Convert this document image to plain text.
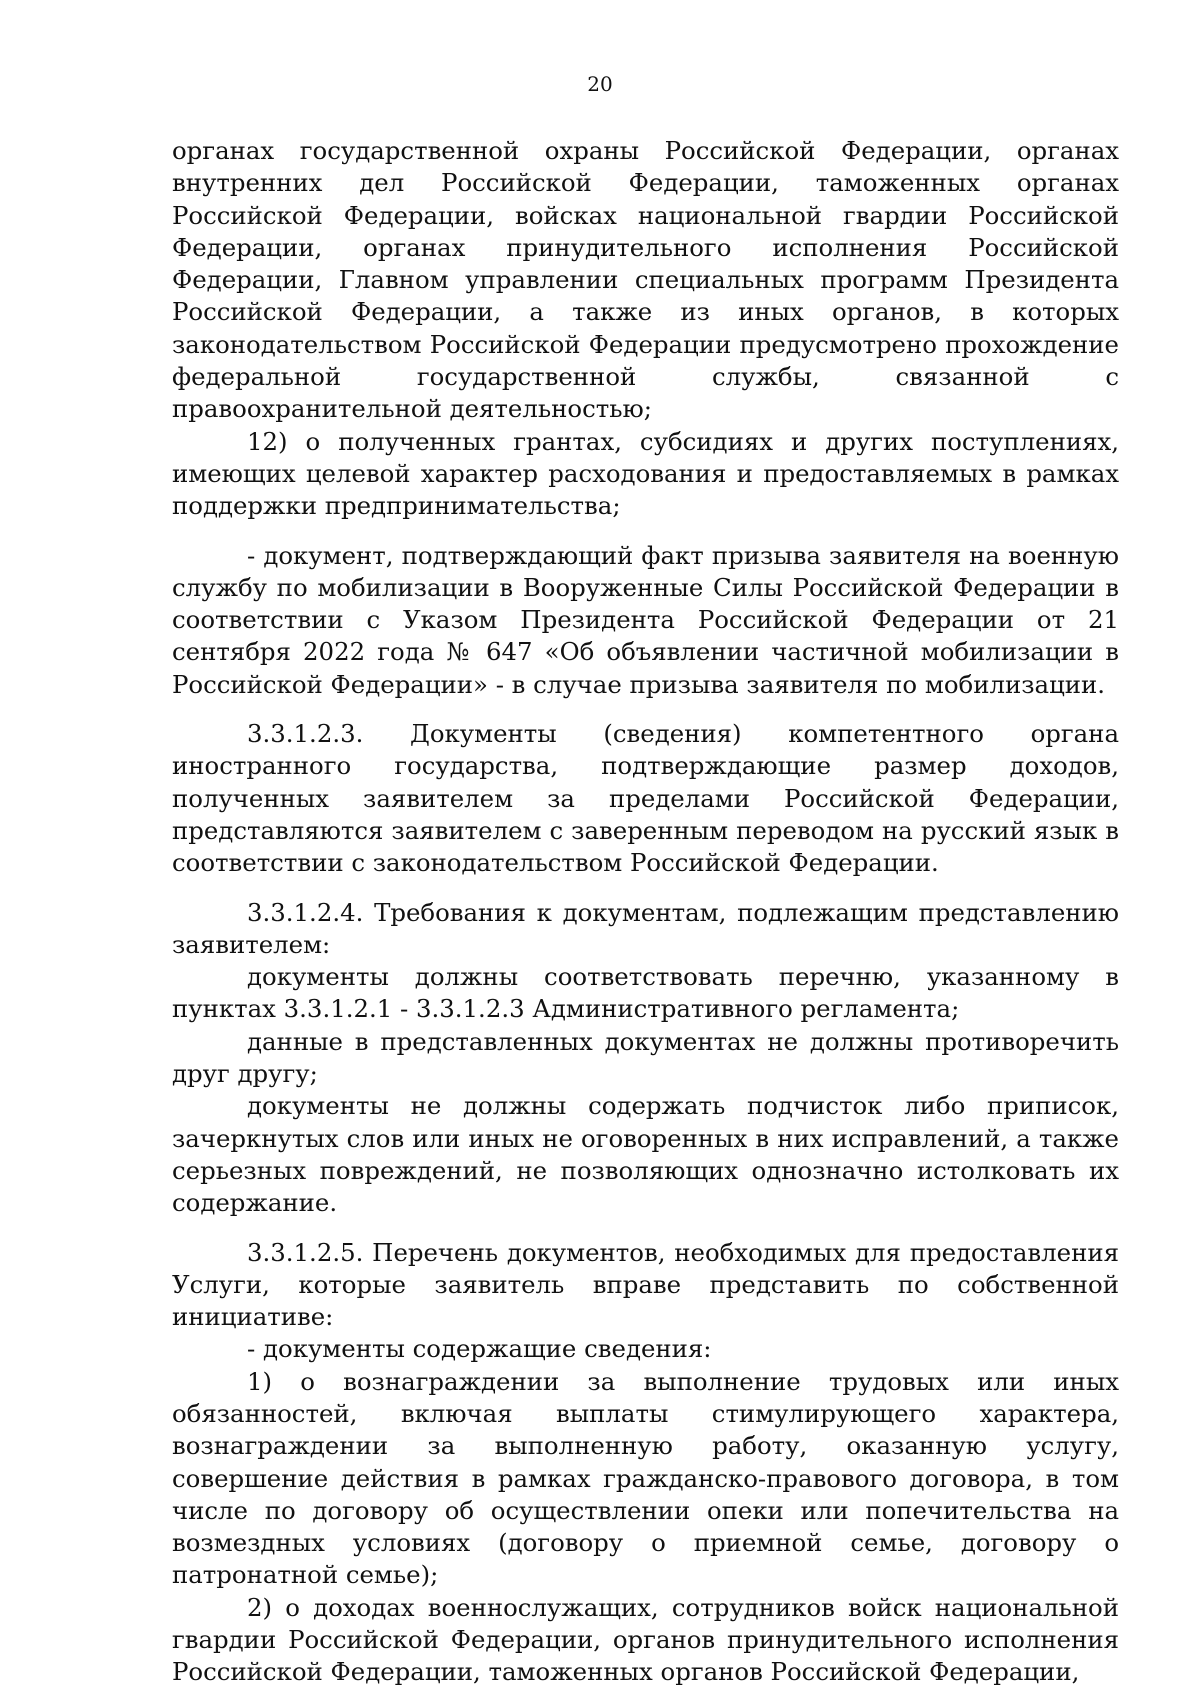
20

органах государственной охраны Российской Федерации, органах внутренних дел Российской Федерации, таможенных органах Российской Федерации, войсках национальной гвардии Российской Федерации, органах принудительного исполнения Российской Федерации, Главном управлении специальных программ Президента Российской Федерации, а также из иных органов, в которых законодательством Российской Федерации предусмотрено прохождение федеральной государственной службы, связанной с правоохранительной деятельностью;

12) о полученных грантах, субсидиях и других поступлениях, имеющих целевой характер расходования и предоставляемых в рамках поддержки предпринимательства;

- документ, подтверждающий факт призыва заявителя на военную службу по мобилизации в Вооруженные Силы Российской Федерации в соответствии с Указом Президента Российской Федерации от 21 сентября 2022 года № 647 «Об объявлении частичной мобилизации в Российской Федерации» - в случае призыва заявителя по мобилизации.

3.3.1.2.3. Документы (сведения) компетентного органа иностранного государства, подтверждающие размер доходов, полученных заявителем за пределами Российской Федерации, представляются заявителем с заверенным переводом на русский язык в соответствии с законодательством Российской Федерации.

3.3.1.2.4. Требования к документам, подлежащим представлению заявителем:

документы должны соответствовать перечню, указанному в пунктах 3.3.1.2.1 - 3.3.1.2.3 Административного регламента;

данные в представленных документах не должны противоречить друг другу;

документы не должны содержать подчисток либо приписок, зачеркнутых слов или иных не оговоренных в них исправлений, а также серьезных повреждений, не позволяющих однозначно истолковать их содержание.

3.3.1.2.5. Перечень документов, необходимых для предоставления Услуги, которые заявитель вправе представить по собственной инициативе:

- документы содержащие сведения:

1) о вознаграждении за выполнение трудовых или иных обязанностей, включая выплаты стимулирующего характера, вознаграждении за выполненную работу, оказанную услугу, совершение действия в рамках гражданско-правового договора, в том числе по договору об осуществлении опеки или попечительства на возмездных условиях (договору о приемной семье, договору о патронатной семье);

2) о доходах военнослужащих, сотрудников войск национальной гвардии Российской Федерации, органов принудительного исполнения Российской Федерации, таможенных органов Российской Федерации,
